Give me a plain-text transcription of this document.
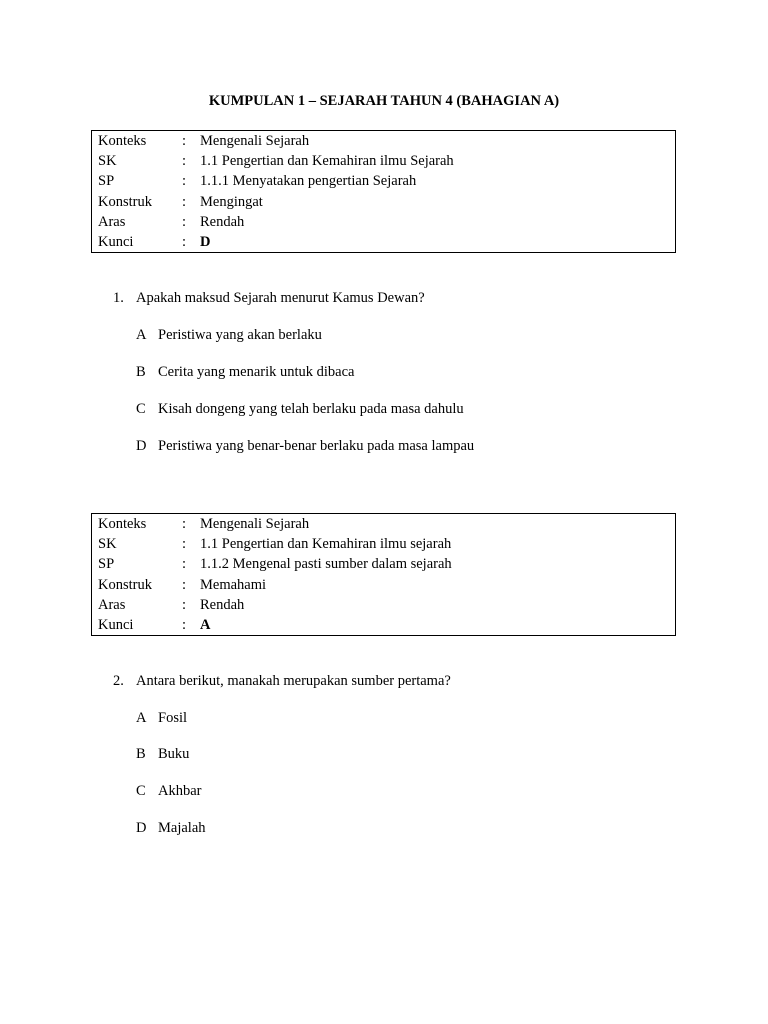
KUMPULAN 1 – SEJARAH TAHUN 4 (BAHAGIAN A)
Konteks : Mengenali Sejarah
SK	: 1.1 Pengertian dan Kemahiran ilmu Sejarah
SP	: 1.1.1 Menyatakan pengertian Sejarah
Konstruk : Mengingat
Aras	: Rendah
Kunci	: D
1. Apakah maksud Sejarah menurut Kamus Dewan?
A Peristiwa yang akan berlaku
B Cerita yang menarik untuk dibaca
C Kisah dongeng yang telah berlaku pada masa dahulu
D Peristiwa yang benar-benar berlaku pada masa lampau
Konteks : Mengenali Sejarah
SK	: 1.1 Pengertian dan Kemahiran ilmu sejarah
SP	: 1.1.2 Mengenal pasti sumber dalam sejarah
Konstruk : Memahami
Aras	: Rendah
Kunci	: A
2. Antara berikut, manakah merupakan sumber pertama?
A Fosil
B Buku
C Akhbar
D Majalah
